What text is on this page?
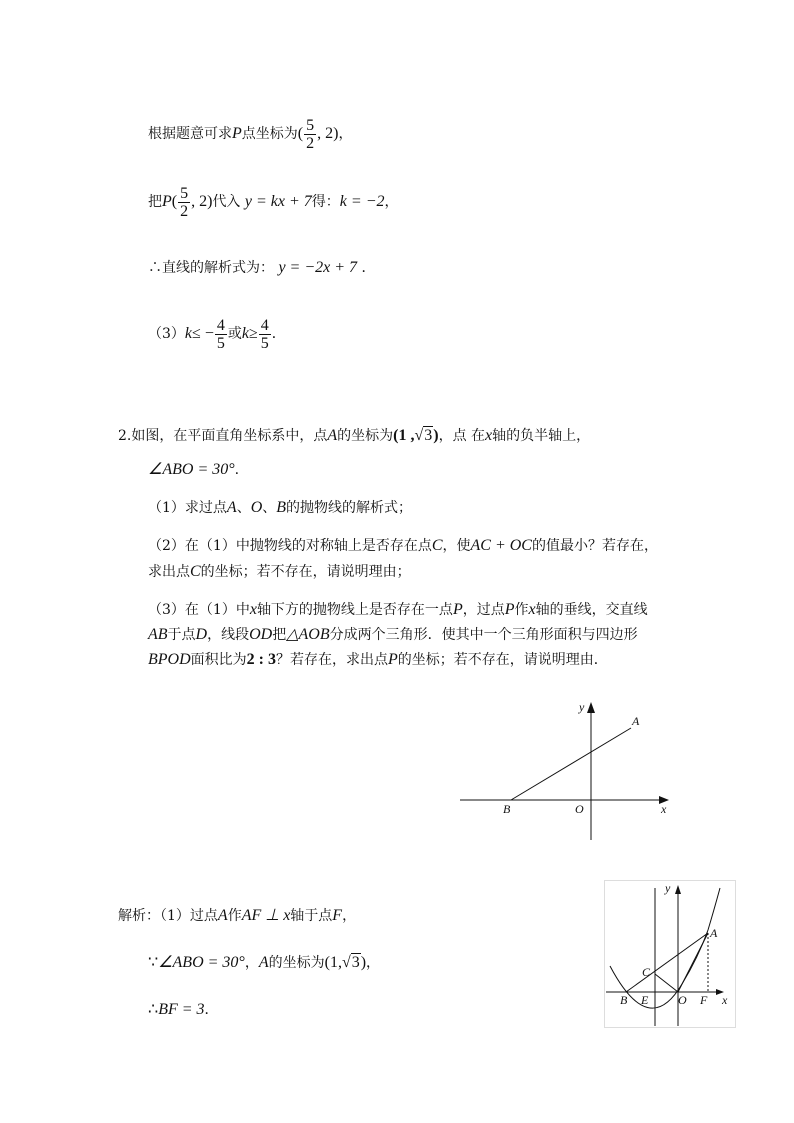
根据题意可求P点坐标为( $\frac{5}{2}$ , 2)，
把$P( \frac{5}{2}$ , 2)代入 y = kx + 7得：k = −2，
∴直线的解析式为： y = −2x + 7 ．
$(3)k\le - \frac{4}{5}$ 或$k\ge \frac{4}{5}$ ．
2.如图，在平面直角坐标系中，点A的坐标为(1 ,√3)，点 在x轴的负半轴上，
∠ABO = 30°.
（1）求过点A、O、B的抛物线的解析式；
（2）在（1）中抛物线的对称轴上是否存在点C，使AC + OC的值最小？若存在，
求出点C的坐标；若不存在，请说明理由；
（3）在（1）中x轴下方的抛物线上是否存在一点P，过点P作x轴的垂线，交直线
AB于点D，线段OD把△AOB分成两个三角形．使其中一个三角形面积与四边形
BPOD面积比为2 : 3？若存在，求出点P的坐标；若不存在，请说明理由．
y
A
B	O	x
解析：（1）过点A作AF ⊥ x轴于点F，
∵∠ABO = 30°，A的坐标为(1,√3)，
∴BF = 3．
y
A
C
B E O F x
